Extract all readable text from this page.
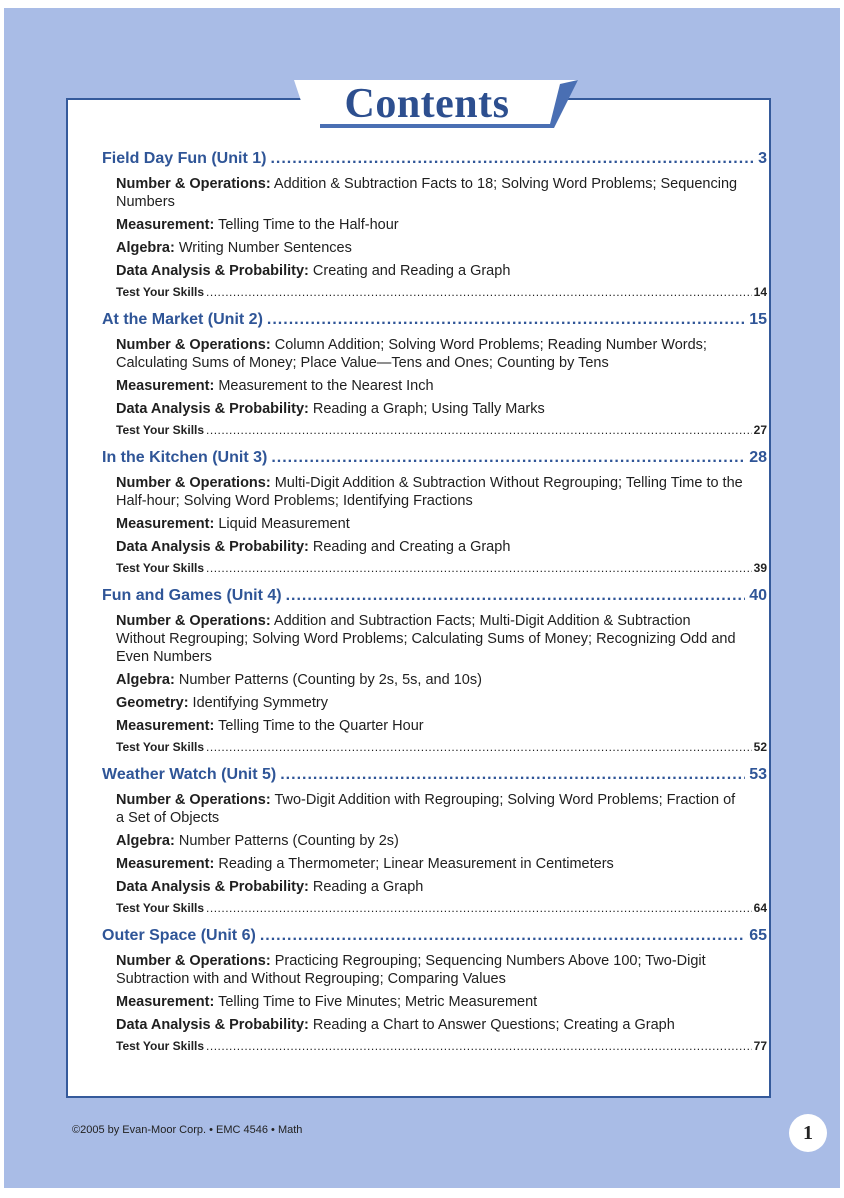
Contents
Field Day Fun (Unit 1) .....	3
Number & Operations: Addition & Subtraction Facts to 18; Solving Word Problems; Sequencing Numbers
Measurement: Telling Time to the Half-hour
Algebra: Writing Number Sentences
Data Analysis & Probability: Creating and Reading a Graph
Test Your Skills .....	14
At the Market (Unit 2) .....	15
Number & Operations: Column Addition; Solving Word Problems; Reading Number Words; Calculating Sums of Money; Place Value—Tens and Ones; Counting by Tens
Measurement: Measurement to the Nearest Inch
Data Analysis & Probability: Reading a Graph; Using Tally Marks
Test Your Skills .....	27
In the Kitchen (Unit 3) .....	28
Number & Operations: Multi-Digit Addition & Subtraction Without Regrouping; Telling Time to the Half-hour; Solving Word Problems; Identifying Fractions
Measurement: Liquid Measurement
Data Analysis & Probability: Reading and Creating a Graph
Test Your Skills .....	39
Fun and Games (Unit 4) .....	40
Number & Operations: Addition and Subtraction Facts; Multi-Digit Addition & Subtraction Without Regrouping; Solving Word Problems; Calculating Sums of Money; Recognizing Odd and Even Numbers
Algebra: Number Patterns (Counting by 2s, 5s, and 10s)
Geometry: Identifying Symmetry
Measurement: Telling Time to the Quarter Hour
Test Your Skills .....	52
Weather Watch (Unit 5) .....	53
Number & Operations: Two-Digit Addition with Regrouping; Solving Word Problems; Fraction of a Set of Objects
Algebra: Number Patterns (Counting by 2s)
Measurement: Reading a Thermometer; Linear Measurement in Centimeters
Data Analysis & Probability: Reading a Graph
Test Your Skills .....	64
Outer Space (Unit 6) .....	65
Number & Operations: Practicing Regrouping; Sequencing Numbers Above 100; Two-Digit Subtraction with and Without Regrouping; Comparing Values
Measurement: Telling Time to Five Minutes; Metric Measurement
Data Analysis & Probability: Reading a Chart to Answer Questions; Creating a Graph
Test Your Skills .....	77
©2005 by Evan-Moor Corp. • EMC 4546 • Math	1
